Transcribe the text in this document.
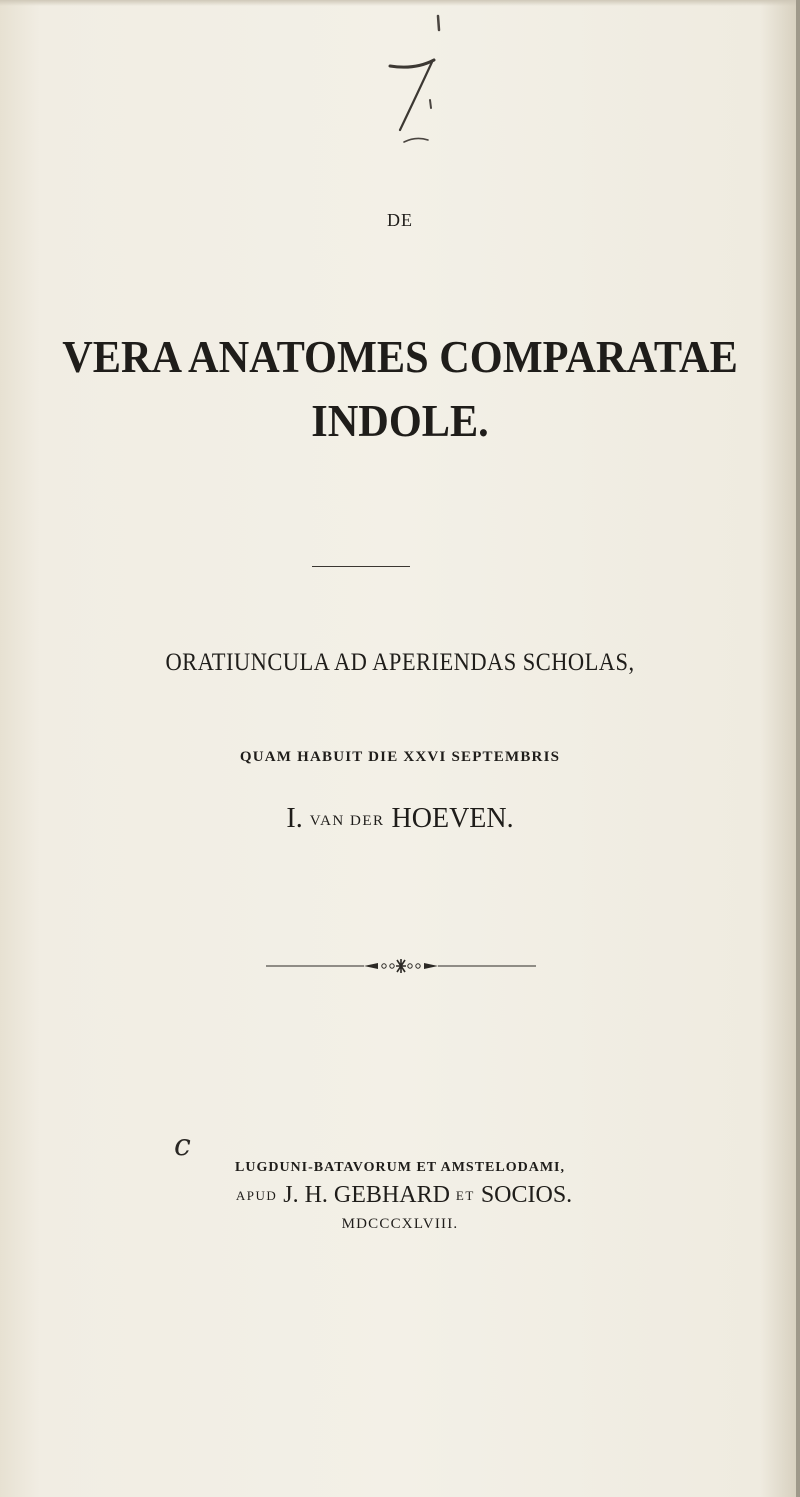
DE
VERA ANATOMES COMPARATAE
INDOLE.
ORATIUNCULA AD APERIENDAS SCHOLAS,
QUAM HABUIT DIE XXVI SEPTEMBRIS
I. VAN DER HOEVEN.
c
LUGDUNI-BATAVORUM ET AMSTELODAMI,
APUD J. H. GEBHARD ET SOCIOS.
MDCCCXLVIII.
